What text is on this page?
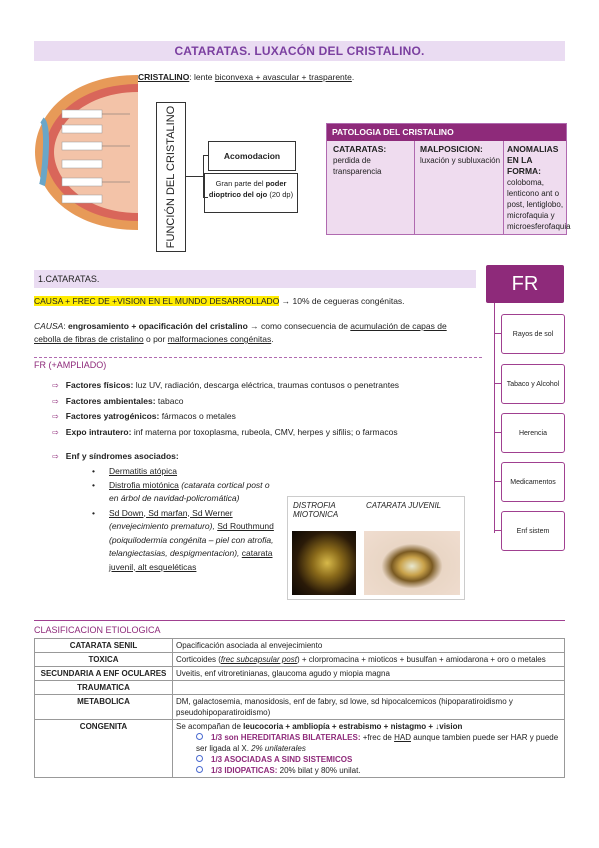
CATARATAS. LUXACÓN DEL CRISTALINO.
CRISTALINO: lente biconvexa + avascular + trasparente.
FUNCIÓN DEL CRISTALINO	Acomodacion
Gran parte del poder dioptrico del ojo (20 dp)
PATOLOGIA DEL CRISTALINO
CATARATAS:
perdida de transparencia
MALPOSICION:
luxación y subluxación
ANOMALIAS EN LA FORMA:
coloboma, lenticono ant o post, lentiglobo, microfaquia y microesferofaquia
1.CATARATAS.
CAUSA + FREC DE +VISION EN EL MUNDO DESARROLLADO → 10% de cegueras congénitas.
CAUSA: engrosamiento + opacificación del cristalino → como consecuencia de acumulación de capas de cebolla de fibras de cristalino o por malformaciones congénitas.
FR (+AMPLIADO)
⇨ Factores físicos: luz UV, radiación, descarga eléctrica, traumas contusos o penetrantes
⇨ Factores ambientales: tabaco
⇨ Factores yatrogénicos: fármacos o metales
⇨ Expo intrautero: inf materna por toxoplasma, rubeola, CMV, herpes y sifilis; o farmacos
⇨ Enf y síndromes asociados:
• Dermatitis atópica
• Distrofia miotónica (catarata cortical post o en árbol de navidad-policromática)
• Sd Down, Sd marfan, Sd Werner (envejecimiento prematuro), Sd Routhmund (poiquilodermia congénita – piel con atrofia, telangiectasias, despigmentacion), catarata juvenil, alt esqueléticas
DISTROFIA MIOTONICA
CATARATA JUVENIL
FR
Rayos de sol
Tabaco y Alcohol
Herencia
Medicamentos
Enf sistem
CLASIFICACION ETIOLOGICA
CATARATA SENIL	Opacificación asociada al envejecimiento
TOXICA	Corticoides (frec subcapsular post) + clorpromacina + mioticos + busulfan + amiodarona + oro o metales
SECUNDARIA A ENF OCULARES	Uveitis, enf vitroretinianas, glaucoma agudo y miopia magna
TRAUMATICA	
METABOLICA	DM, galactosemia, manosidosis, enf de fabry, sd lowe, sd hipocalcemicos (hipoparatiroidismo y pseudohipoparatiroidismo)
CONGENITA	Se acompañan de leucocoria + ambliopía + estrabismo + nistagmo + ↓vision
1/3 son HEREDITARIAS BILATERALES: +frec de HAD aunque tambien puede ser HAR y puede ser ligada al X. 2% unilaterales
1/3 ASOCIADAS A SIND SISTEMICOS
1/3 IDIOPATICAS: 20% bilat y 80% unilat.
